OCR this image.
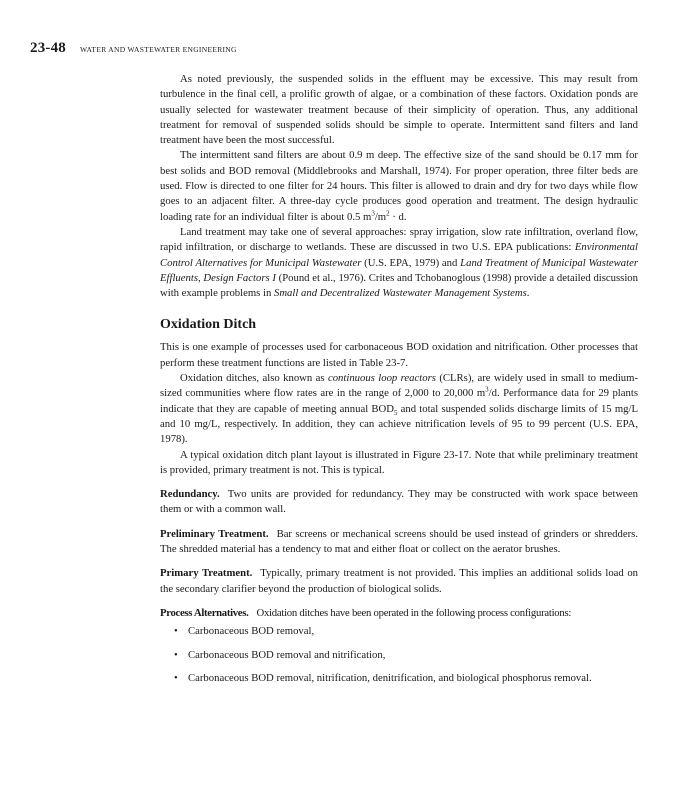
23-48 WATER AND WASTEWATER ENGINEERING

As noted previously, the suspended solids in the effluent may be excessive. This may result from turbulence in the final cell, a prolific growth of algae, or a combination of these factors. Oxidation ponds are usually selected for wastewater treatment because of their simplicity of operation. Thus, any additional treatment for removal of suspended solids should be simple to operate. Intermittent sand filters and land treatment have been the most successful.

The intermittent sand filters are about 0.9 m deep. The effective size of the sand should be 0.17 mm for best solids and BOD removal (Middlebrooks and Marshall, 1974). For proper operation, three filter beds are used. Flow is directed to one filter for 24 hours. This filter is allowed to drain and dry for two days while flow goes to an adjacent filter. A three-day cycle produces good operation and treatment. The design hydraulic loading rate for an individual filter is about 0.5 $m^3/m^2 \cdot d$.

Land treatment may take one of several approaches: spray irrigation, slow rate infiltration, overland flow, rapid infiltration, or discharge to wetlands. These are discussed in two U.S. EPA publications: Environmental Control Alternatives for Municipal Wastewater (U.S. EPA, 1979) and Land Treatment of Municipal Wastewater Effluents, Design Factors I (Pound et al., 1976). Crites and Tchobanoglous (1998) provide a detailed discussion with example problems in Small and Decentralized Wastewater Management Systems.

Oxidation Ditch

This is one example of processes used for carbonaceous BOD oxidation and nitrification. Other processes that perform these treatment functions are listed in Table 23-7.

Oxidation ditches, also known as continuous loop reactors (CLRs), are widely used in small to medium-sized communities where flow rates are in the range of 2,000 to 20,000 $m^3/d$. Performance data for 29 plants indicate that they are capable of meeting annual $BOD_5$ and total suspended solids discharge limits of 15 mg/L and 10 mg/L, respectively. In addition, they can achieve nitrification levels of 95 to 99 percent (U.S. EPA, 1978).

A typical oxidation ditch plant layout is illustrated in Figure 23-17. Note that while preliminary treatment is provided, primary treatment is not. This is typical.

Redundancy. Two units are provided for redundancy. They may be constructed with work space between them or with a common wall.

Preliminary Treatment. Bar screens or mechanical screens should be used instead of grinders or shredders. The shredded material has a tendency to mat and either float or collect on the aerator brushes.

Primary Treatment. Typically, primary treatment is not provided. This implies an additional solids load on the secondary clarifier beyond the production of biological solids.

Process Alternatives. Oxidation ditches have been operated in the following process configurations:

• Carbonaceous BOD removal,
• Carbonaceous BOD removal and nitrification,
• Carbonaceous BOD removal, nitrification, denitrification, and biological phosphorus removal.
